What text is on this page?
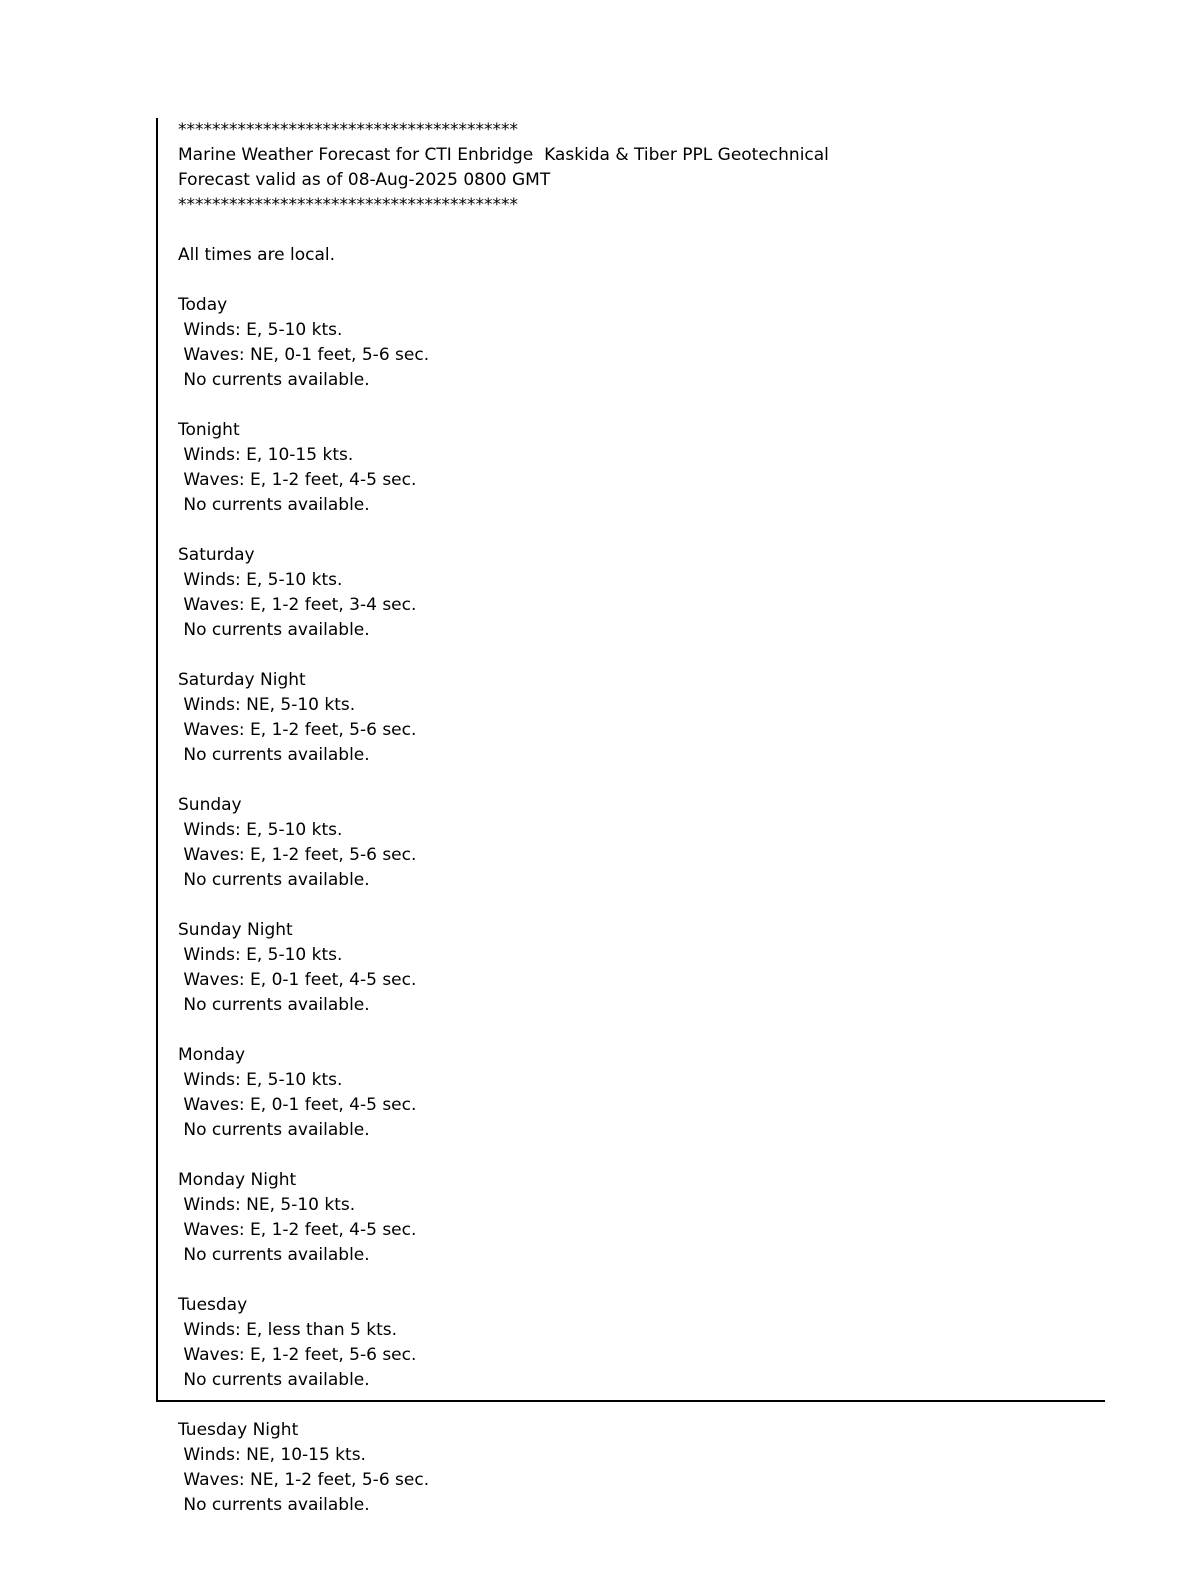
****************************************
Marine Weather Forecast for CTI Enbridge  Kaskida & Tiber PPL Geotechnical
Forecast valid as of 08-Aug-2025 0800 GMT
****************************************
All times are local.
Today
Winds: E, 5-10 kts.
Waves: NE, 0-1 feet, 5-6 sec.
No currents available.
Tonight
Winds: E, 10-15 kts.
Waves: E, 1-2 feet, 4-5 sec.
No currents available.
Saturday
Winds: E, 5-10 kts.
Waves: E, 1-2 feet, 3-4 sec.
No currents available.
Saturday Night
Winds: NE, 5-10 kts.
Waves: E, 1-2 feet, 5-6 sec.
No currents available.
Sunday
Winds: E, 5-10 kts.
Waves: E, 1-2 feet, 5-6 sec.
No currents available.
Sunday Night
Winds: E, 5-10 kts.
Waves: E, 0-1 feet, 4-5 sec.
No currents available.
Monday
Winds: E, 5-10 kts.
Waves: E, 0-1 feet, 4-5 sec.
No currents available.
Monday Night
Winds: NE, 5-10 kts.
Waves: E, 1-2 feet, 4-5 sec.
No currents available.
Tuesday
Winds: E, less than 5 kts.
Waves: E, 1-2 feet, 5-6 sec.
No currents available.
Tuesday Night
Winds: NE, 10-15 kts.
Waves: NE, 1-2 feet, 5-6 sec.
No currents available.
